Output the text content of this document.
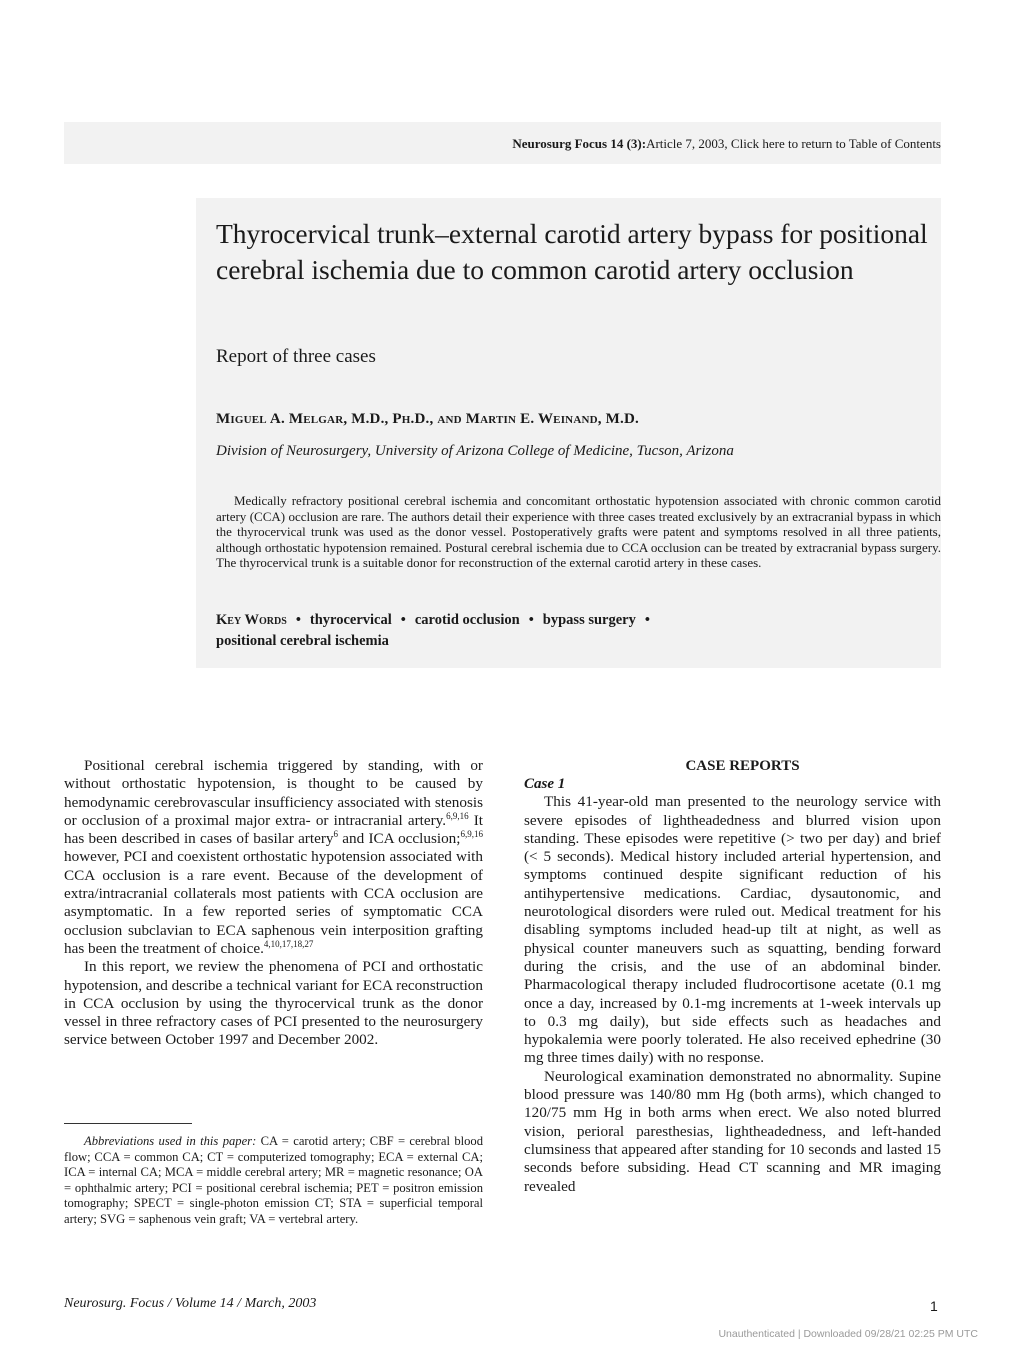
Neurosurg Focus 14 (3):Article 7, 2003, Click here to return to Table of Contents
Thyrocervical trunk–external carotid artery bypass for positional cerebral ischemia due to common carotid artery occlusion
Report of three cases
Miguel A. Melgar, M.D., Ph.D., and Martin E. Weinand, M.D.
Division of Neurosurgery, University of Arizona College of Medicine, Tucson, Arizona
Medically refractory positional cerebral ischemia and concomitant orthostatic hypotension associated with chronic common carotid artery (CCA) occlusion are rare. The authors detail their experience with three cases treated exclusively by an extracranial bypass in which the thyrocervical trunk was used as the donor vessel. Postoperatively grafts were patent and symptoms resolved in all three patients, although orthostatic hypotension remained. Postural cerebral ischemia due to CCA occlusion can be treated by extracranial bypass surgery. The thyrocervical trunk is a suitable donor for reconstruction of the external carotid artery in these cases.
Key Words • thyrocervical • carotid occlusion • bypass surgery •
positional cerebral ischemia

Positional cerebral ischemia triggered by standing, with or without orthostatic hypotension, is thought to be caused by hemodynamic cerebrovascular insufficiency associated with stenosis or occlusion of a proximal major extra- or intracranial artery.$^{6,9,16}$ It has been described in cases of basilar artery$^6$ and ICA occlusion;$^{6,9,16}$ however, PCI and coexistent orthostatic hypotension associated with CCA occlusion is a rare event. Because of the development of extra/intracranial collaterals most patients with CCA occlusion are asymptomatic. In a few reported series of symptomatic CCA occlusion subclavian to ECA saphenous vein interposition grafting has been the treatment of choice.$^{4,10,17,18,27}$

In this report, we review the phenomena of PCI and orthostatic hypotension, and describe a technical variant for ECA reconstruction in CCA occlusion by using the thyrocervical trunk as the donor vessel in three refractory cases of PCI presented to the neurosurgery service between October 1997 and December 2002.

Abbreviations used in this paper: CA = carotid artery; CBF = cerebral blood flow; CCA = common CA; CT = computerized tomography; ECA = external CA; ICA = internal CA; MCA = middle cerebral artery; MR = magnetic resonance; OA = ophthalmic artery; PCI = positional cerebral ischemia; PET = positron emission tomography; SPECT = single-photon emission CT; STA = superficial temporal artery; SVG = saphenous vein graft; VA = vertebral artery.

CASE REPORTS

Case 1

This 41-year-old man presented to the neurology service with severe episodes of lightheadedness and blurred vision upon standing. These episodes were repetitive (> two per day) and brief (< 5 seconds). Medical history included arterial hypertension, and symptoms continued despite significant reduction of his antihypertensive medications. Cardiac, dysautonomic, and neurotological disorders were ruled out. Medical treatment for his disabling symptoms included head-up tilt at night, as well as physical counter maneuvers such as squatting, bending forward during the crisis, and the use of an abdominal binder. Pharmacological therapy included fludrocortisone acetate (0.1 mg once a day, increased by 0.1-mg increments at 1-week intervals up to 0.3 mg daily), but side effects such as headaches and hypokalemia were poorly tolerated. He also received ephedrine (30 mg three times daily) with no response.

Neurological examination demonstrated no abnormality. Supine blood pressure was 140/80 mm Hg (both arms), which changed to 120/75 mm Hg in both arms when erect. We also noted blurred vision, perioral paresthesias, lightheadedness, and left-handed clumsiness that appeared after standing for 10 seconds and lasted 15 seconds before subsiding. Head CT scanning and MR imaging revealed

Neurosurg. Focus / Volume 14 / March, 2003	1
Unauthenticated | Downloaded 09/28/21 02:25 PM UTC
